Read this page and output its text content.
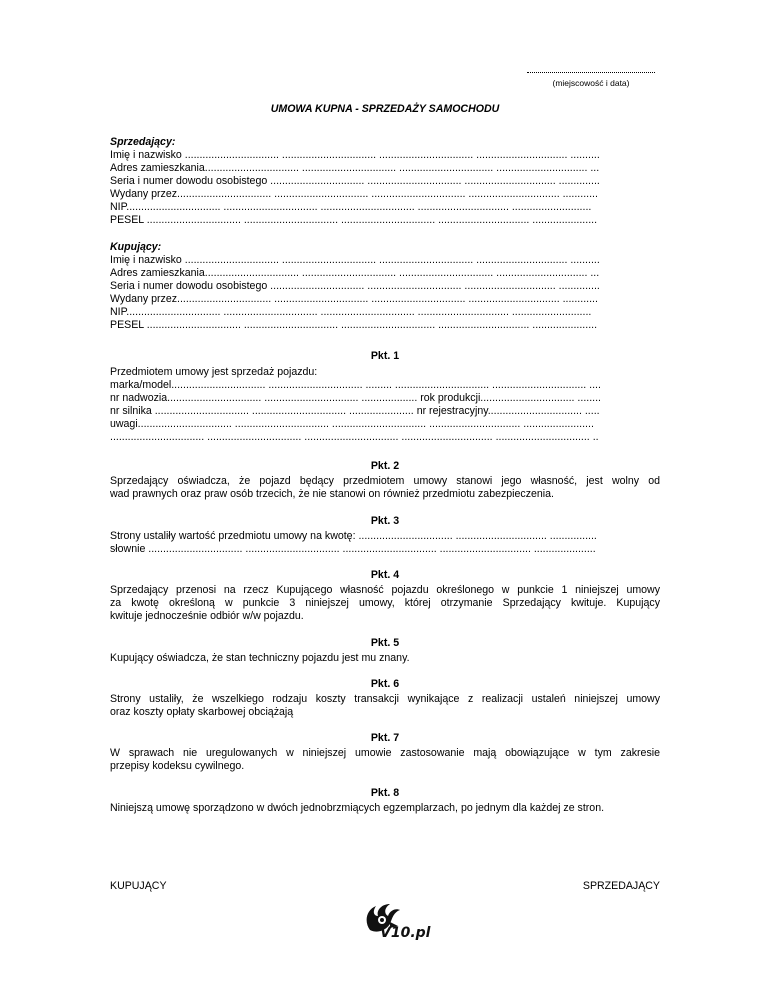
(miejscowość i data)
UMOWA KUPNA - SPRZEDAŻY SAMOCHODU
Sprzedający:
Imię i nazwisko ................................ ................................ ................................ ............................... ..........
Adres zamieszkania................................ ................................ ................................ ............................... ...
Seria i numer dowodu osobistego ................................ ................................ ............................... ..............
Wydany przez................................ ................................ ................................ ............................... ............
NIP................................ ................................ ................................ ............................... ...........................
PESEL ................................ ................................ ................................ ............................... ......................
Kupujący:
Imię i nazwisko ................................ ................................ ................................ ............................... ..........
Adres zamieszkania................................ ................................ ................................ ............................... ...
Seria i numer dowodu osobistego ................................ ................................ ............................... ..............
Wydany przez................................ ................................ ................................ ............................... ............
NIP................................ ................................ ................................ ............................... ...........................
PESEL ................................ ................................ ................................ ............................... ......................
Pkt. 1
Przedmiotem umowy jest sprzedaż pojazdu:
marka/model................................ ................................ ......... ................................ ................................ ....
nr nadwozia................................ ................................ ................... rok produkcji................................ ........
nr silnika ................................ ................................ ...................... nr rejestracyjny................................ .....
uwagi................................ ................................ ................................ ............................... ........................
................................ ................................ ................................ ............................... ................................ ..
Pkt. 2
Sprzedający oświadcza, że pojazd będący przedmiotem umowy stanowi jego własność, jest wolny od
wad prawnych oraz praw osób trzecich, że nie stanowi on również przedmiotu zabezpieczenia.
Pkt. 3
Strony ustaliły wartość przedmiotu umowy na kwotę: ................................ ............................... ................
słownie ................................ ................................ ................................ ............................... .....................
Pkt. 4
Sprzedający przenosi na rzecz Kupującego własność pojazdu określonego w punkcie 1 niniejszej umowy
za kwotę określoną w punkcie 3 niniejszej umowy, której otrzymanie Sprzedający kwituje. Kupujący
kwituje jednocześnie odbiór w/w pojazdu.
Pkt. 5
Kupujący oświadcza, że stan techniczny pojazdu jest mu znany.
Pkt. 6
Strony ustaliły, że wszelkiego rodzaju koszty transakcji wynikające z realizacji ustaleń niniejszej umowy
oraz koszty opłaty skarbowej obciążają
Pkt. 7
W sprawach nie uregulowanych w niniejszej umowie zastosowanie mają obowiązujące w tym zakresie
przepisy kodeksu cywilnego.
Pkt. 8
Niniejszą umowę sporządzono w dwóch jednobrzmiących egzemplarzach, po jednym dla każdej ze stron.
KUPUJĄCY	SPRZEDAJĄCY
V10.pl
